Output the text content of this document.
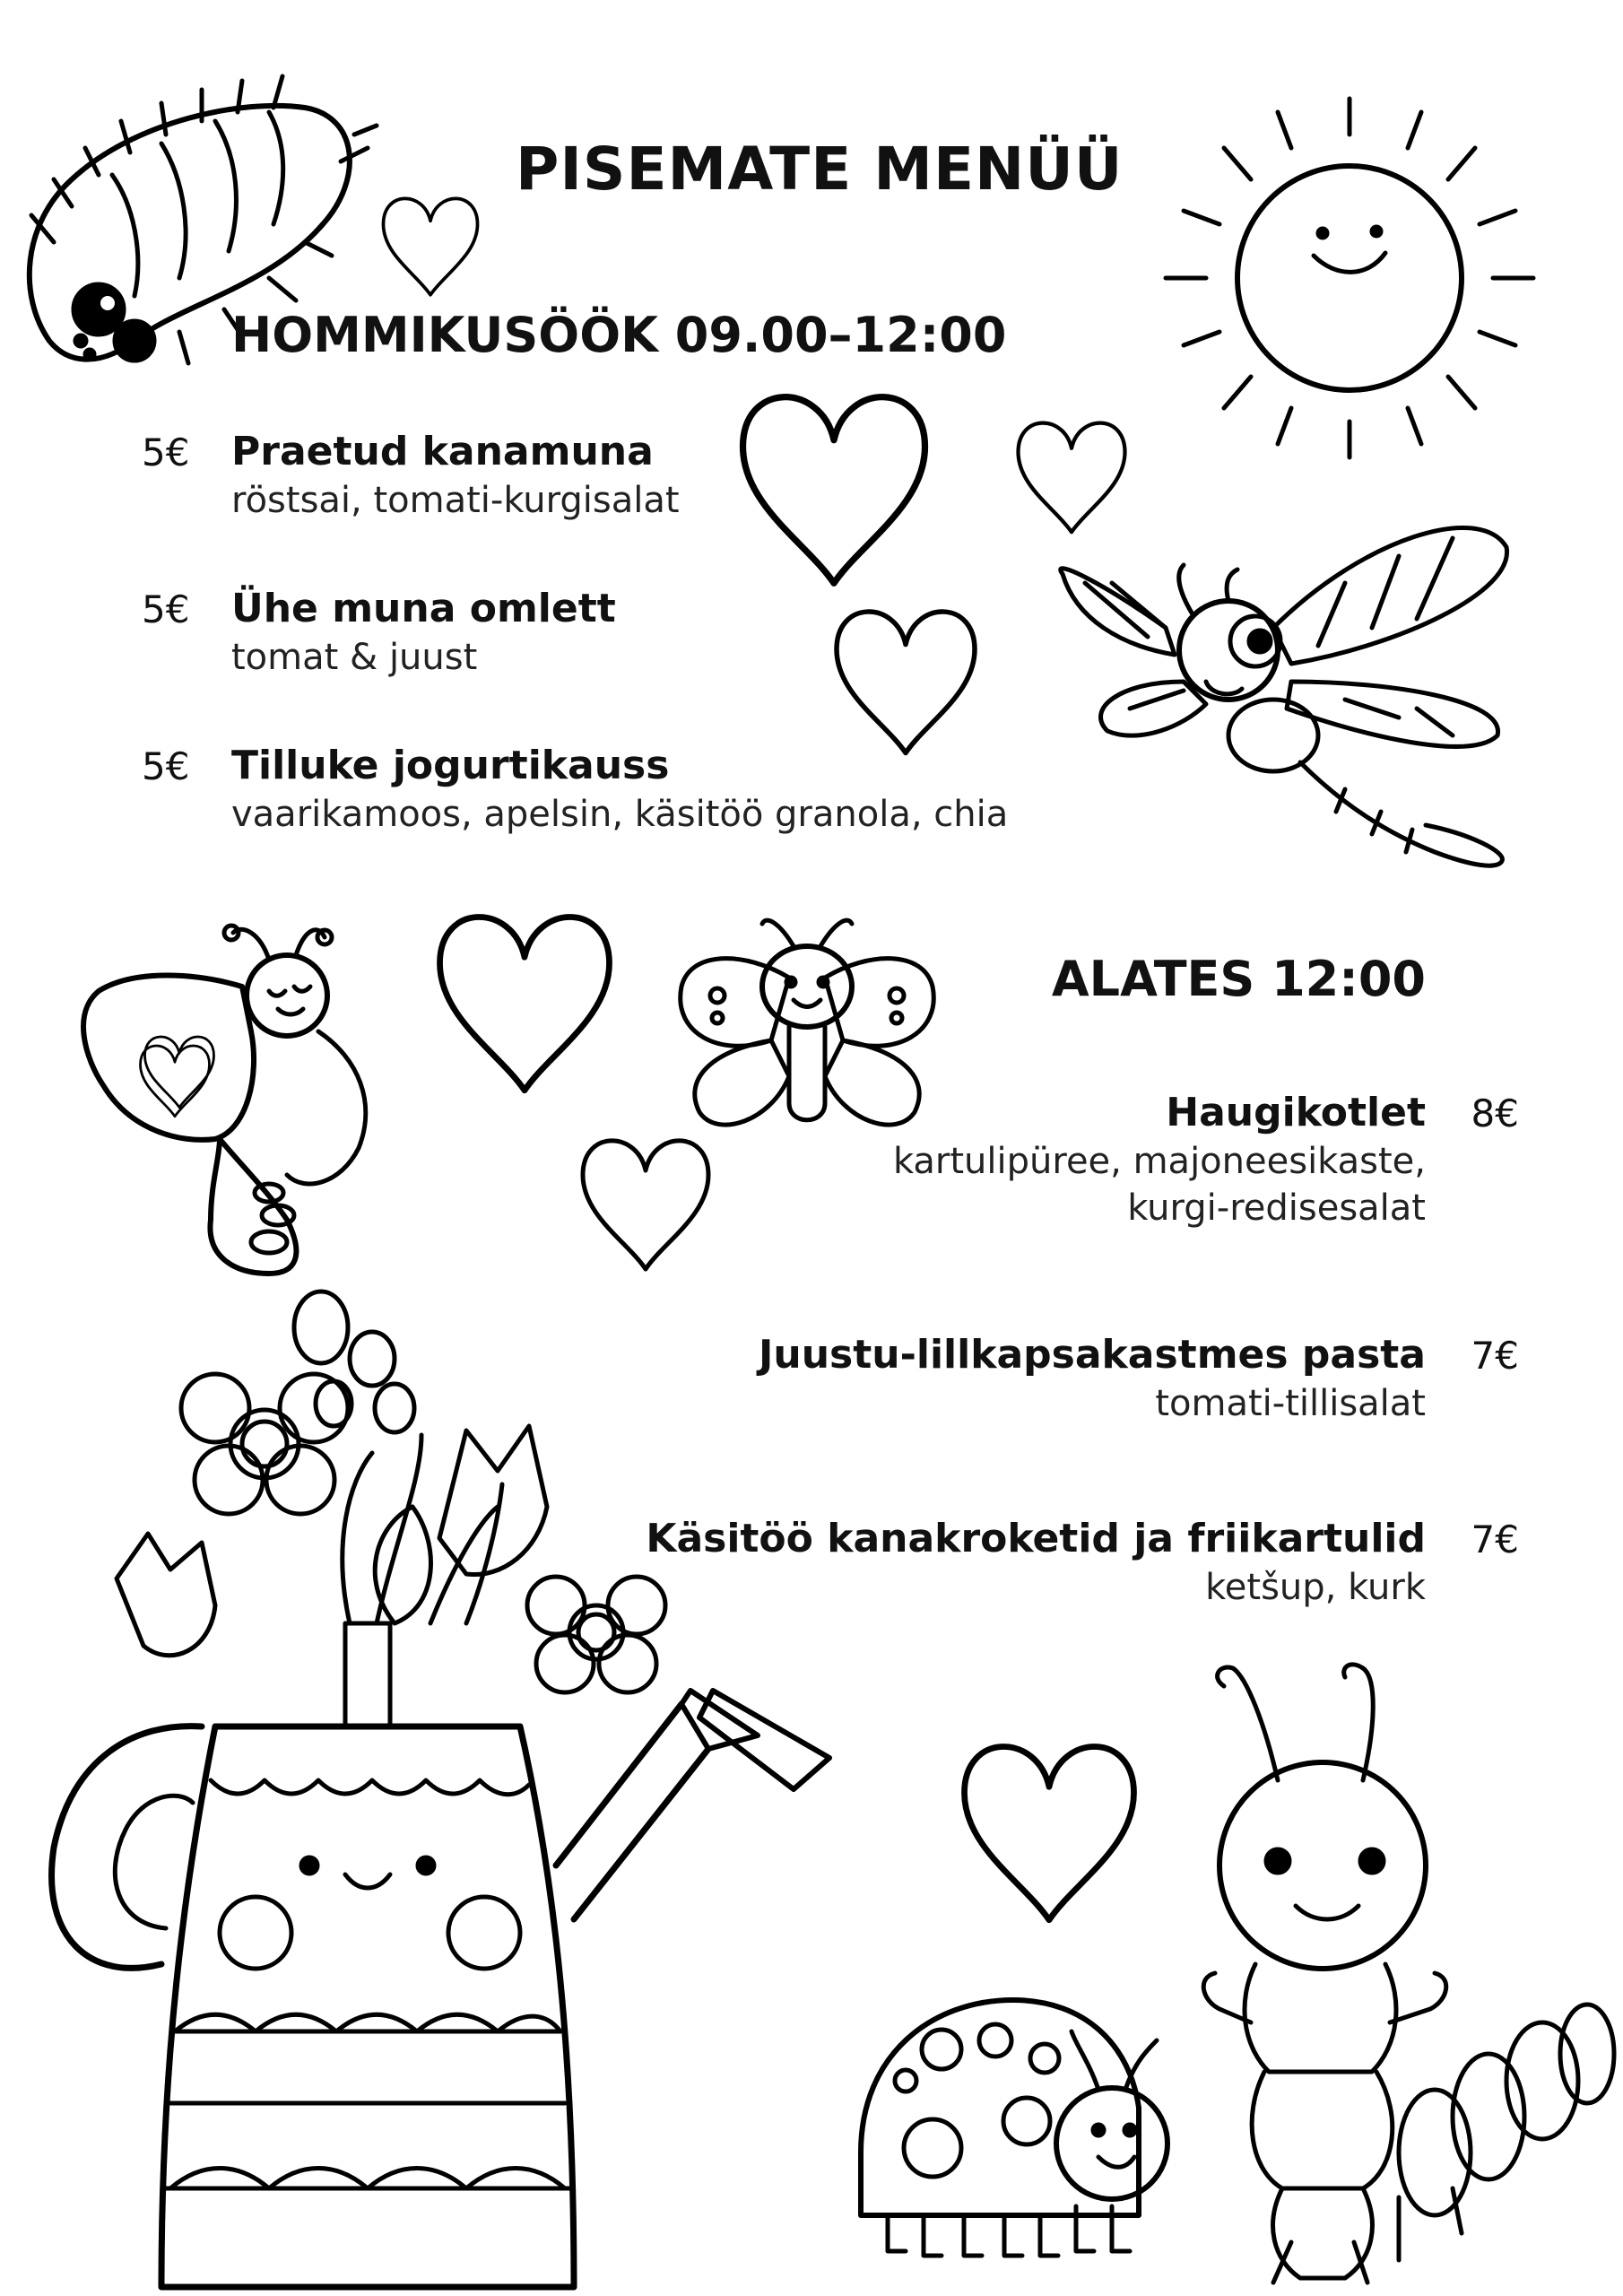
PISEMATE MENÜÜ
HOMMIKUSÖÖK 09.00–12:00
5€ Praetud kanamuna
röstsai, tomati-kurgisalat
5€ Ühe muna omlett
tomat & juust
5€ Tilluke jogurtikauss
vaarikamoos, apelsin, käsitöö granola, chia
ALATES 12:00
8€
Haugikotlet
kartulipüree, majoneesikaste,
kurgi-redisesalat
7€
Juustu-lillkapsakastmes pasta
tomati-tillisalat
7€
Käsitöö kanakroketid ja friikartulid
ketšup, kurk
